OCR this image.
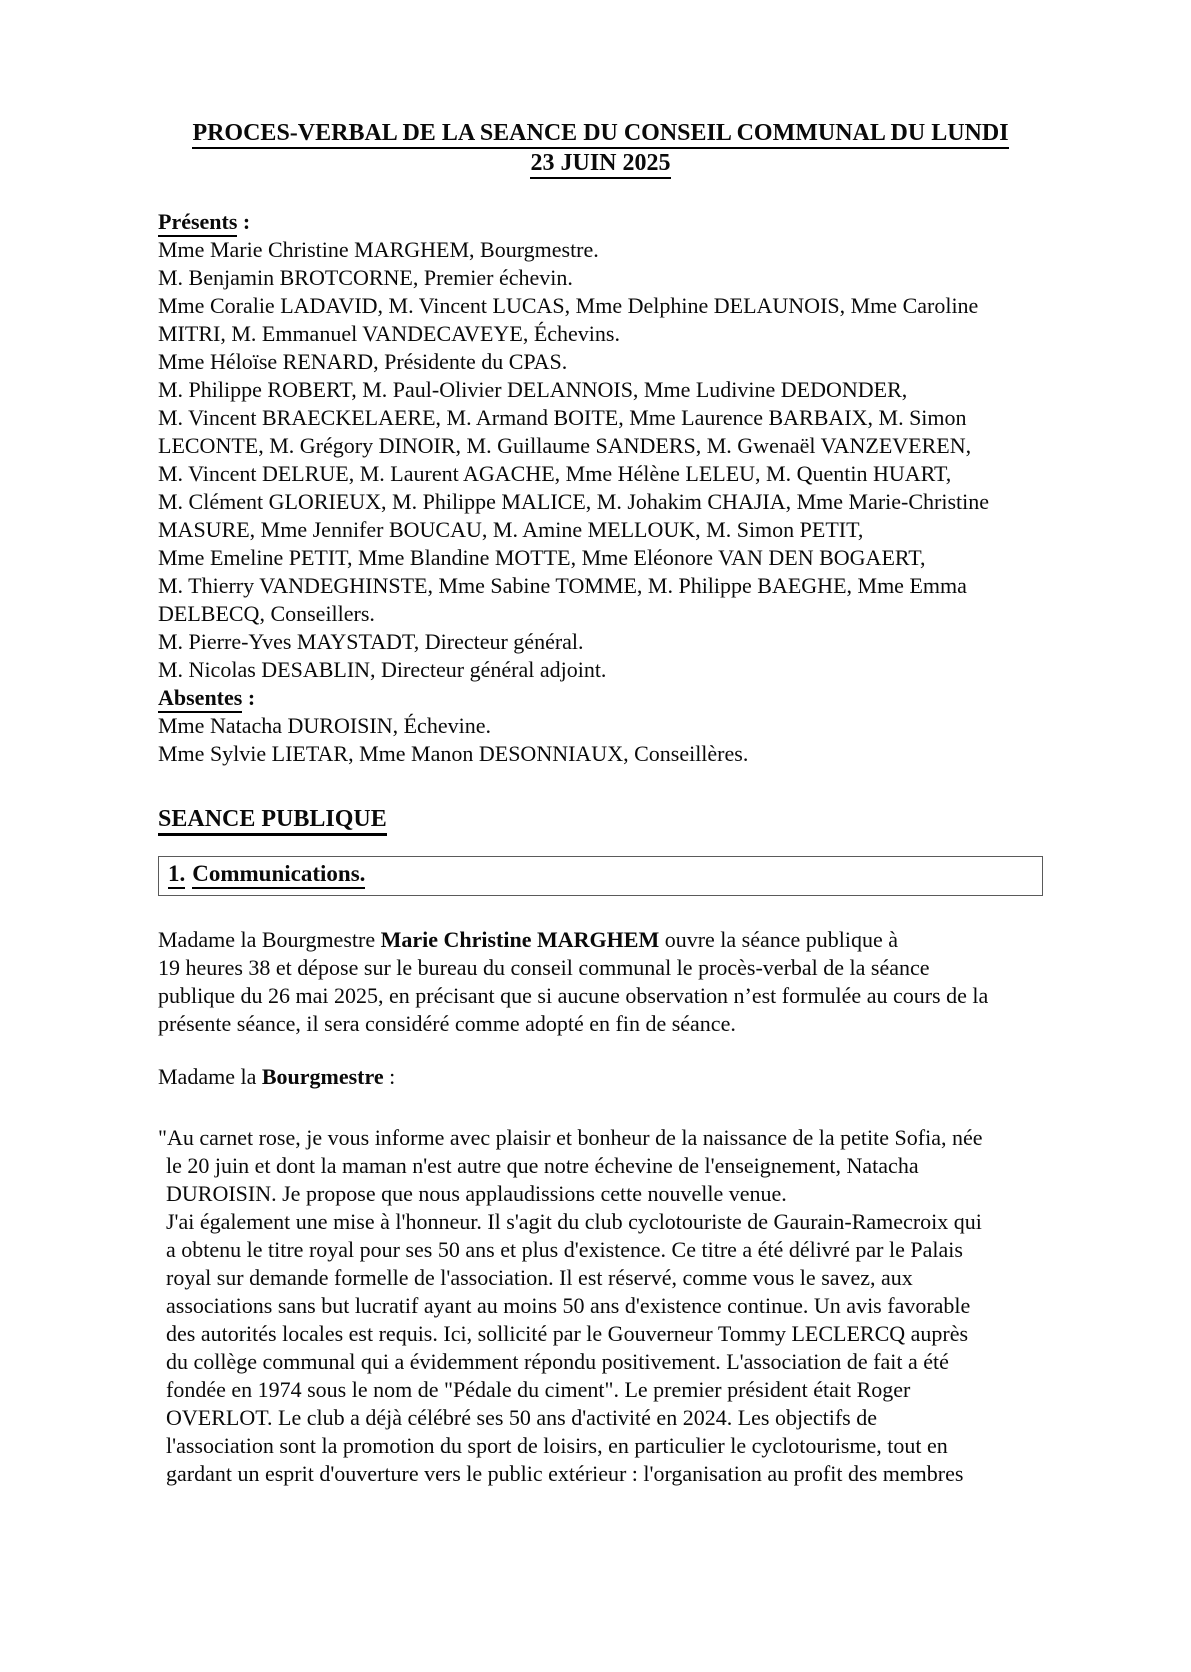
PROCES-VERBAL DE LA SEANCE DU CONSEIL COMMUNAL DU LUNDI
23 JUIN 2025
Présents :
Mme Marie Christine MARGHEM, Bourgmestre.
M. Benjamin BROTCORNE, Premier échevin.
Mme Coralie LADAVID, M. Vincent LUCAS, Mme Delphine DELAUNOIS, Mme Caroline
MITRI, M. Emmanuel VANDECAVEYE, Échevins.
Mme Héloïse RENARD, Présidente du CPAS.
M. Philippe ROBERT, M. Paul-Olivier DELANNOIS, Mme Ludivine DEDONDER,
M. Vincent BRAECKELAERE, M. Armand BOITE, Mme Laurence BARBAIX, M. Simon
LECONTE, M. Grégory DINOIR, M. Guillaume SANDERS, M. Gwenaël VANZEVEREN,
M. Vincent DELRUE, M. Laurent AGACHE, Mme Hélène LELEU, M. Quentin HUART,
M. Clément GLORIEUX, M. Philippe MALICE, M. Johakim CHAJIA, Mme Marie-Christine
MASURE, Mme Jennifer BOUCAU, M. Amine MELLOUK, M. Simon PETIT,
Mme Emeline PETIT, Mme Blandine MOTTE, Mme Eléonore VAN DEN BOGAERT,
M. Thierry VANDEGHINSTE, Mme Sabine TOMME, M. Philippe BAEGHE, Mme Emma
DELBECQ, Conseillers.
M. Pierre-Yves MAYSTADT, Directeur général.
M. Nicolas DESABLIN, Directeur général adjoint.
Absentes :
Mme Natacha DUROISIN, Échevine.
Mme Sylvie LIETAR, Mme Manon DESONNIAUX, Conseillères.
SEANCE PUBLIQUE
1. Communications.
Madame la Bourgmestre Marie Christine MARGHEM ouvre la séance publique à
19 heures 38 et dépose sur le bureau du conseil communal le procès-verbal de la séance
publique du 26 mai 2025, en précisant que si aucune observation n’est formulée au cours de la
présente séance, il sera considéré comme adopté en fin de séance.
Madame la Bourgmestre :
"Au carnet rose, je vous informe avec plaisir et bonheur de la naissance de la petite Sofia, née
le 20 juin et dont la maman n'est autre que notre échevine de l'enseignement, Natacha
DUROISIN. Je propose que nous applaudissions cette nouvelle venue.
J'ai également une mise à l'honneur. Il s'agit du club cyclotouriste de Gaurain-Ramecroix qui
a obtenu le titre royal pour ses 50 ans et plus d'existence. Ce titre a été délivré par le Palais
royal sur demande formelle de l'association. Il est réservé, comme vous le savez, aux
associations sans but lucratif ayant au moins 50 ans d'existence continue. Un avis favorable
des autorités locales est requis. Ici, sollicité par le Gouverneur Tommy LECLERCQ auprès
du collège communal qui a évidemment répondu positivement. L'association de fait a été
fondée en 1974 sous le nom de "Pédale du ciment". Le premier président était Roger
OVERLOT. Le club a déjà célébré ses 50 ans d'activité en 2024. Les objectifs de
l'association sont la promotion du sport de loisirs, en particulier le cyclotourisme, tout en
gardant un esprit d'ouverture vers le public extérieur : l'organisation au profit des membres
